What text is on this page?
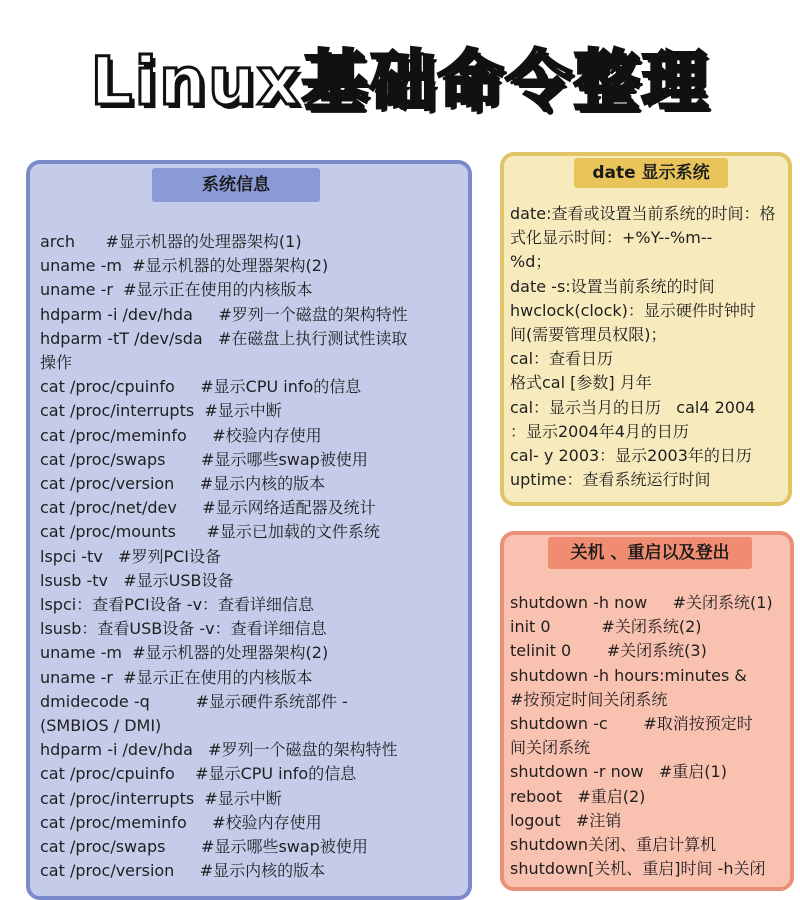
Linux基础命令整理
系统信息
arch      #显示机器的处理器架构(1)
uname -m  #显示机器的处理器架构(2)
uname -r  #显示正在使用的内核版本
hdparm -i /dev/hda     #罗列一个磁盘的架构特性
hdparm -tT /dev/sda   #在磁盘上执行测试性读取
操作
cat /proc/cpuinfo     #显示CPU info的信息
cat /proc/interrupts  #显示中断
cat /proc/meminfo     #校验内存使用
cat /proc/swaps       #显示哪些swap被使用
cat /proc/version     #显示内核的版本
cat /proc/net/dev     #显示网络适配器及统计
cat /proc/mounts      #显示已加载的文件系统
lspci -tv   #罗列PCI设备
lsusb -tv   #显示USB设备
lspci：查看PCI设备 -v：查看详细信息
lsusb：查看USB设备 -v：查看详细信息
uname -m  #显示机器的处理器架构(2)
uname -r  #显示正在使用的内核版本
dmidecode -q         #显示硬件系统部件 -
(SMBIOS / DMI)
hdparm -i /dev/hda   #罗列一个磁盘的架构特性
cat /proc/cpuinfo    #显示CPU info的信息
cat /proc/interrupts  #显示中断
cat /proc/meminfo     #校验内存使用
cat /proc/swaps       #显示哪些swap被使用
cat /proc/version     #显示内核的版本
date 显示系统
date:查看或设置当前系统的时间：格
式化显示时间：+%Y--%m--
%d；
date -s:设置当前系统的时间
hwclock(clock)：显示硬件时钟时
间(需要管理员权限)；
cal：查看日历
格式cal [参数] 月年
cal：显示当月的日历   cal4 2004
：显示2004年4月的日历
cal- y 2003：显示2003年的日历
uptime：查看系统运行时间
关机 、重启以及登出
shutdown -h now     #关闭系统(1)
init 0          #关闭系统(2)
telinit 0       #关闭系统(3)
shutdown -h hours:minutes &
#按预定时间关闭系统
shutdown -c       #取消按预定时
间关闭系统
shutdown -r now   #重启(1)
reboot   #重启(2)
logout   #注销
shutdown关闭、重启计算机
shutdown[关机、重启]时间 -h关闭
